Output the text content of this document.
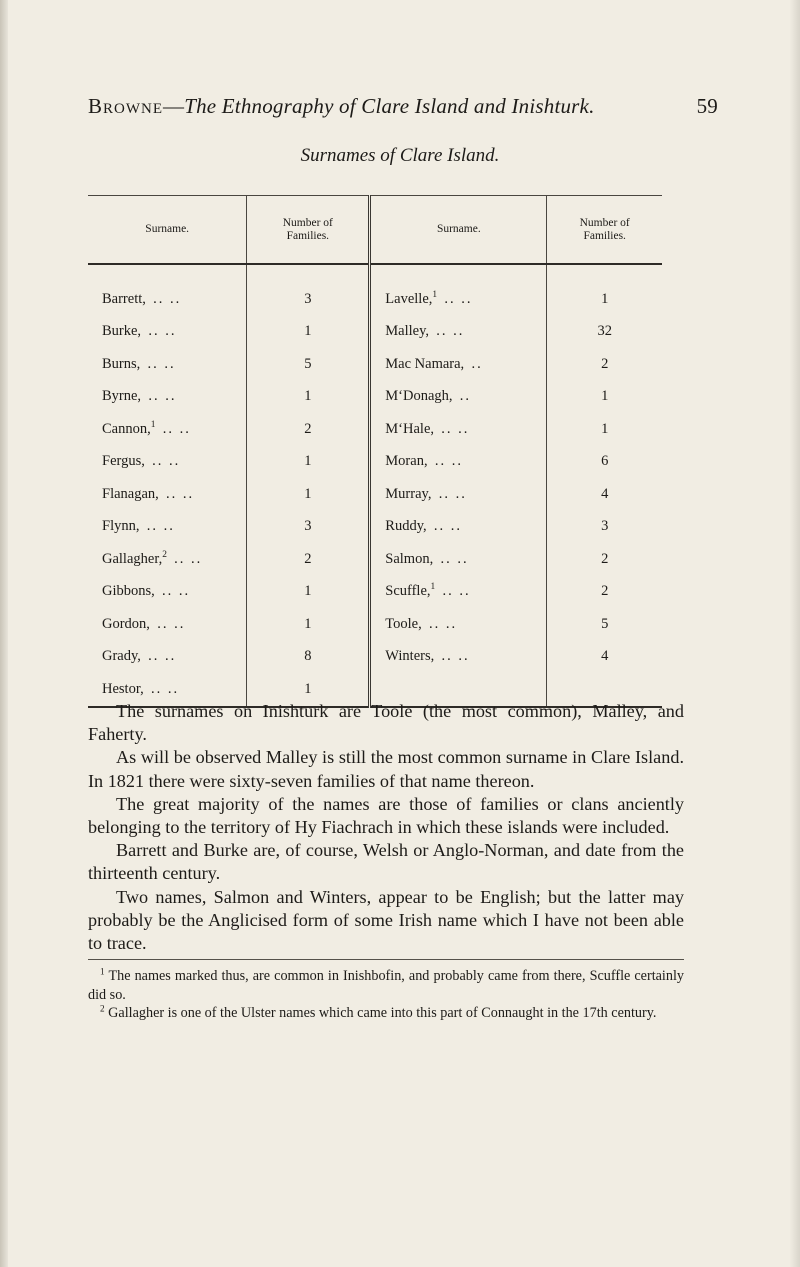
Browne—The Ethnography of Clare Island and Inishturk.	59
Surnames of Clare Island.
Surname.	Number of Families.	Surname.	Number of Families.
Barrett, .. ..	3	Lavelle,$^1$ .. ..	1
Burke, .. ..	1	Malley, .. ..	32
Burns, .. ..	5	Mac Namara, ..	2
Byrne, .. ..	1	M‘Donagh, ..	1
Cannon,$^1$ .. ..	2	M‘Hale, .. ..	1
Fergus, .. ..	1	Moran, .. ..	6
Flanagan, .. ..	1	Murray, .. ..	4
Flynn, .. ..	3	Ruddy, .. ..	3
Gallagher,$^2$ .. ..	2	Salmon, .. ..	2
Gibbons, .. ..	1	Scuffle,$^1$ .. ..	2
Gordon, .. ..	1	Toole, .. ..	5
Grady, .. ..	8	Winters, .. ..	4
Hestor, .. ..	1		

The surnames on Inishturk are Toole (the most common), Malley, and Faherty.

As will be observed Malley is still the most common surname in Clare Island. In 1821 there were sixty-seven families of that name thereon.

The great majority of the names are those of families or clans anciently belonging to the territory of Hy Fiachrach in which these islands were included.

Barrett and Burke are, of course, Welsh or Anglo-Norman, and date from the thirteenth century.

Two names, Salmon and Winters, appear to be English; but the latter may probably be the Anglicised form of some Irish name which I have not been able to trace.

$^1$ The names marked thus, are common in Inishbofin, and probably came from there, Scuffle certainly did so.

$^2$ Gallagher is one of the Ulster names which came into this part of Connaught in the 17th century.
